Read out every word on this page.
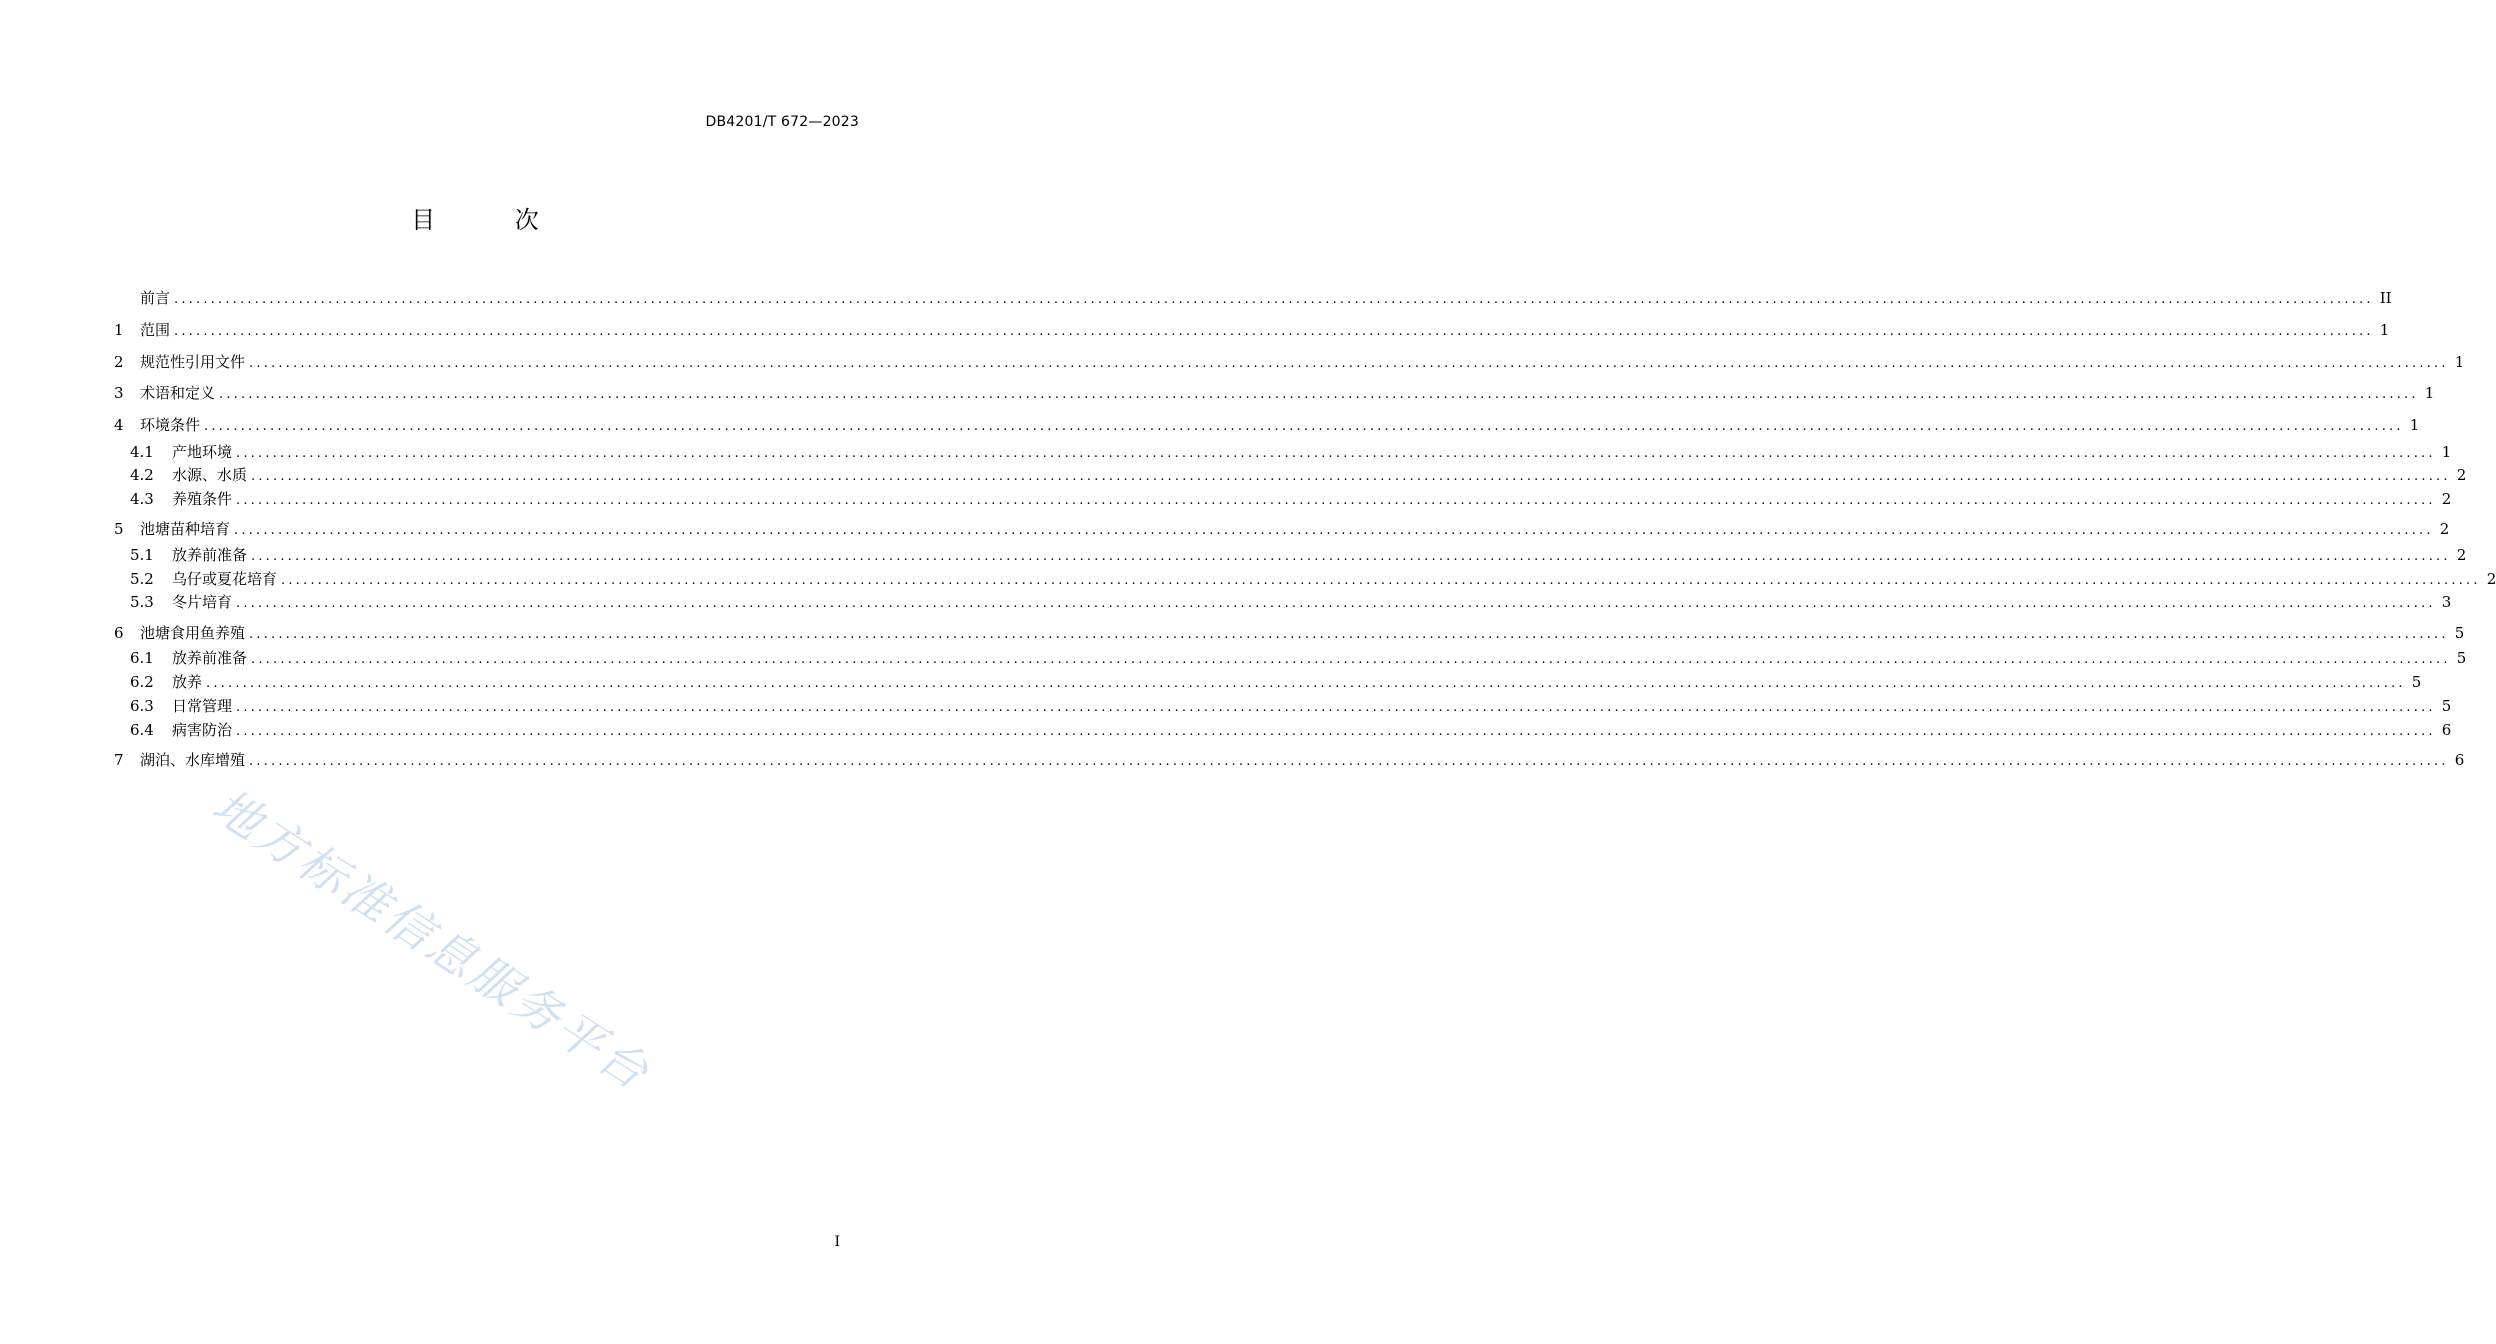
DB4201/T 672—2023
目 次
前言 ............................................................................................................................................................................................................................................................................................................ II
1	范围 ............................................................................................................................................................................................................................................................................................................ 1
2	规范性引用文件 ............................................................................................................................................................................................................................................................................................................ 1
3	术语和定义 ............................................................................................................................................................................................................................................................................................................ 1
4	环境条件 ............................................................................................................................................................................................................................................................................................................ 1
4.1	产地环境 ............................................................................................................................................................................................................................................................................................................ 1
4.2	水源、水质 ............................................................................................................................................................................................................................................................................................................ 2
4.3	养殖条件 ............................................................................................................................................................................................................................................................................................................ 2
5	池塘苗种培育 ............................................................................................................................................................................................................................................................................................................ 2
5.1	放养前准备 ............................................................................................................................................................................................................................................................................................................ 2
5.2	乌仔或夏花培育 ............................................................................................................................................................................................................................................................................................................ 2
5.3	冬片培育 ............................................................................................................................................................................................................................................................................................................ 3
6	池塘食用鱼养殖 ............................................................................................................................................................................................................................................................................................................ 5
6.1	放养前准备 ............................................................................................................................................................................................................................................................................................................ 5
6.2	放养 ............................................................................................................................................................................................................................................................................................................ 5
6.3	日常管理 ............................................................................................................................................................................................................................................................................................................ 5
6.4	病害防治 ............................................................................................................................................................................................................................................................................................................ 6
7	湖泊、水库增殖 ............................................................................................................................................................................................................................................................................................................ 6
地方标准信息服务平台
I
